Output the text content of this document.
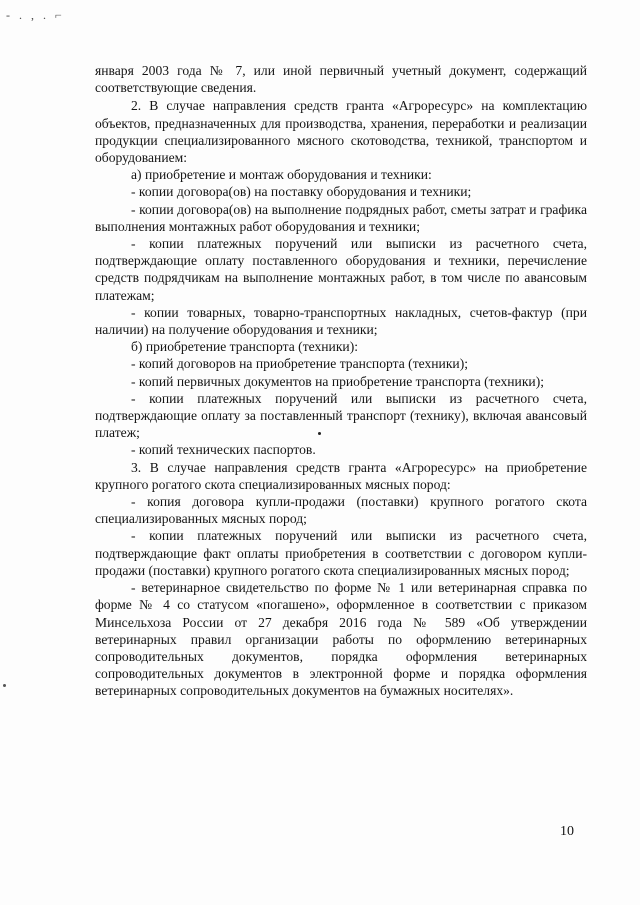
- . , . ⌐

января 2003 года № 7, или иной первичный учетный документ, содержащий соответствующие сведения.

2. В случае направления средств гранта «Агроресурс» на комплектацию объектов, предназначенных для производства, хранения, переработки и реализации продукции специализированного мясного скотоводства, техникой, транспортом и оборудованием:

а) приобретение и монтаж оборудования и техники:

- копии договора(ов) на поставку оборудования и техники;

- копии договора(ов) на выполнение подрядных работ, сметы затрат и графика выполнения монтажных работ оборудования и техники;

- копии платежных поручений или выписки из расчетного счета, подтверждающие оплату поставленного оборудования и техники, перечисление средств подрядчикам на выполнение монтажных работ, в том числе по авансовым платежам;

- копии товарных, товарно-транспортных накладных, счетов-фактур (при наличии) на получение оборудования и техники;

б) приобретение транспорта (техники):

- копий договоров на приобретение транспорта (техники);

- копий первичных документов на приобретение транспорта (техники);

- копии платежных поручений или выписки из расчетного счета, подтверждающие оплату за поставленный транспорт (технику), включая авансовый платеж;

- копий технических паспортов.

3. В случае направления средств гранта «Агроресурс» на приобретение крупного рогатого скота специализированных мясных пород:

- копия договора купли-продажи (поставки) крупного рогатого скота специализированных мясных пород;

- копии платежных поручений или выписки из расчетного счета, подтверждающие факт оплаты приобретения в соответствии с договором купли-продажи (поставки) крупного рогатого скота специализированных мясных пород;

- ветеринарное свидетельство по форме № 1 или ветеринарная справка по форме № 4 со статусом «погашено», оформленное в соответствии с приказом Минсельхоза России от 27 декабря 2016 года № 589 «Об утверждении ветеринарных правил организации работы по оформлению ветеринарных сопроводительных документов, порядка оформления ветеринарных сопроводительных документов в электронной форме и порядка оформления ветеринарных сопроводительных документов на бумажных носителях».

10
